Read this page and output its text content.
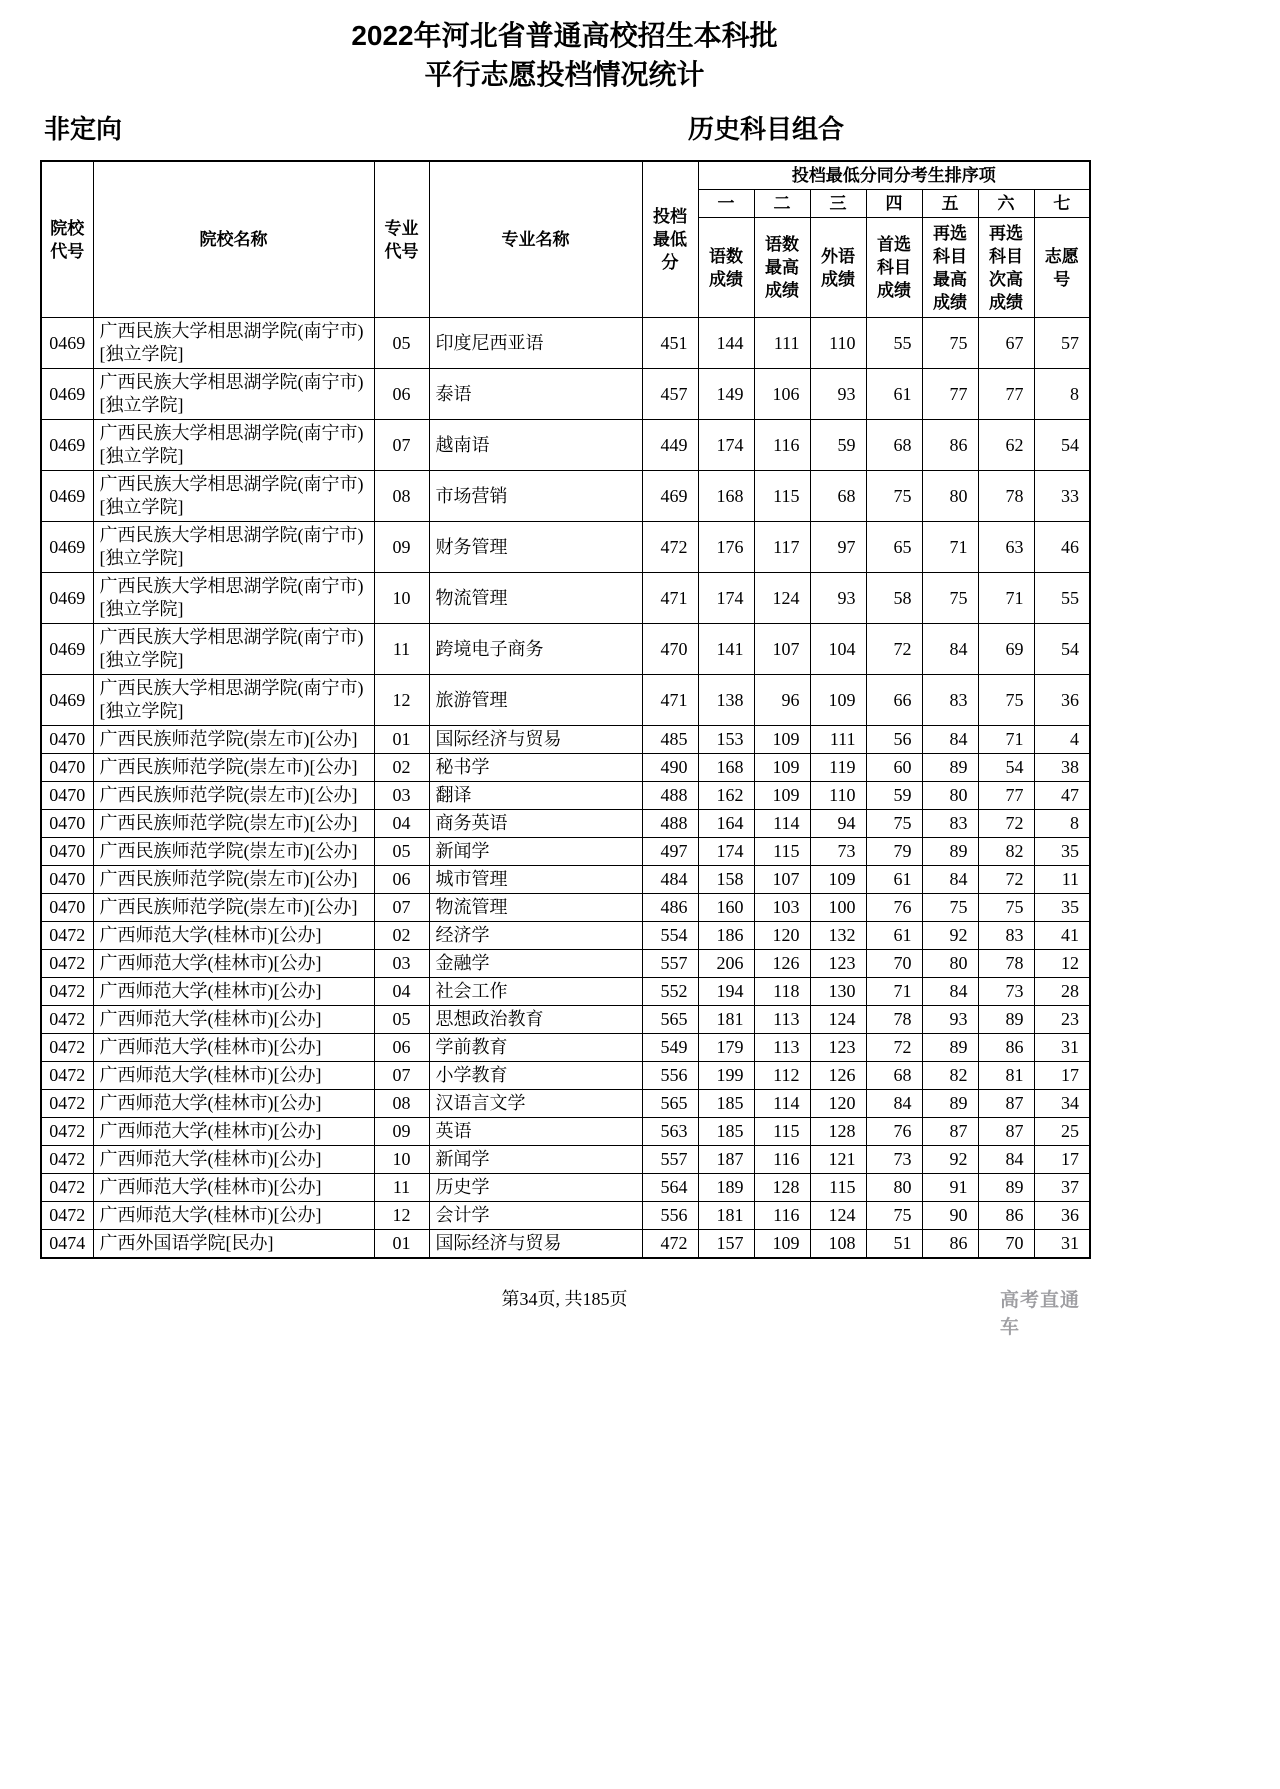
2022年河北省普通高校招生本科批
平行志愿投档情况统计
非定向	历史科目组合
院校代号	院校名称	专业代号	专业名称	投档最低分	投档最低分同分考生排序项						
					一	二	三	四	五	六	七
					语数成绩	语数最高成绩	外语成绩	首选科目成绩	再选科目最高成绩	再选科目次高成绩	志愿号
0469	广西民族大学相思湖学院(南宁市)[独立学院]	05	印度尼西亚语	451	144	111	110	55	75	67	57
0469	广西民族大学相思湖学院(南宁市)[独立学院]	06	泰语	457	149	106	93	61	77	77	8
0469	广西民族大学相思湖学院(南宁市)[独立学院]	07	越南语	449	174	116	59	68	86	62	54
0469	广西民族大学相思湖学院(南宁市)[独立学院]	08	市场营销	469	168	115	68	75	80	78	33
0469	广西民族大学相思湖学院(南宁市)[独立学院]	09	财务管理	472	176	117	97	65	71	63	46
0469	广西民族大学相思湖学院(南宁市)[独立学院]	10	物流管理	471	174	124	93	58	75	71	55
0469	广西民族大学相思湖学院(南宁市)[独立学院]	11	跨境电子商务	470	141	107	104	72	84	69	54
0469	广西民族大学相思湖学院(南宁市)[独立学院]	12	旅游管理	471	138	96	109	66	83	75	36
0470	广西民族师范学院(崇左市)[公办]	01	国际经济与贸易	485	153	109	111	56	84	71	4
0470	广西民族师范学院(崇左市)[公办]	02	秘书学	490	168	109	119	60	89	54	38
0470	广西民族师范学院(崇左市)[公办]	03	翻译	488	162	109	110	59	80	77	47
0470	广西民族师范学院(崇左市)[公办]	04	商务英语	488	164	114	94	75	83	72	8
0470	广西民族师范学院(崇左市)[公办]	05	新闻学	497	174	115	73	79	89	82	35
0470	广西民族师范学院(崇左市)[公办]	06	城市管理	484	158	107	109	61	84	72	11
0470	广西民族师范学院(崇左市)[公办]	07	物流管理	486	160	103	100	76	75	75	35
0472	广西师范大学(桂林市)[公办]	02	经济学	554	186	120	132	61	92	83	41
0472	广西师范大学(桂林市)[公办]	03	金融学	557	206	126	123	70	80	78	12
0472	广西师范大学(桂林市)[公办]	04	社会工作	552	194	118	130	71	84	73	28
0472	广西师范大学(桂林市)[公办]	05	思想政治教育	565	181	113	124	78	93	89	23
0472	广西师范大学(桂林市)[公办]	06	学前教育	549	179	113	123	72	89	86	31
0472	广西师范大学(桂林市)[公办]	07	小学教育	556	199	112	126	68	82	81	17
0472	广西师范大学(桂林市)[公办]	08	汉语言文学	565	185	114	120	84	89	87	34
0472	广西师范大学(桂林市)[公办]	09	英语	563	185	115	128	76	87	87	25
0472	广西师范大学(桂林市)[公办]	10	新闻学	557	187	116	121	73	92	84	17
0472	广西师范大学(桂林市)[公办]	11	历史学	564	189	128	115	80	91	89	37
0472	广西师范大学(桂林市)[公办]	12	会计学	556	181	116	124	75	90	86	36
0474	广西外国语学院[民办]	01	国际经济与贸易	472	157	109	108	51	86	70	31
第34页, 共185页	高考直通车
